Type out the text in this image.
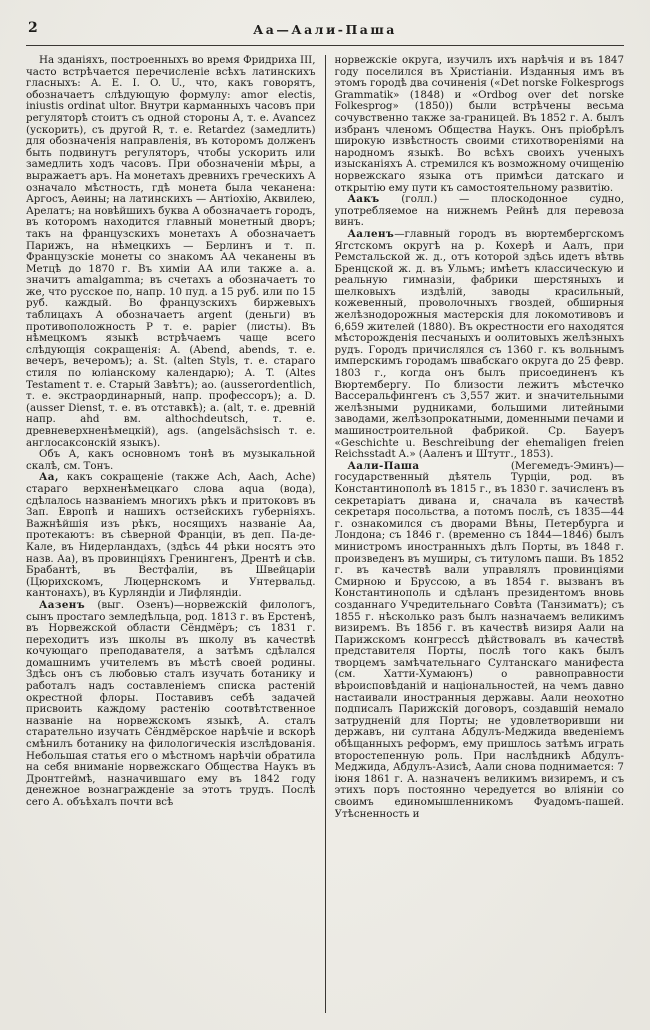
2	Аа—Аали-Паша

На зданіяхъ, построенныхъ во время Фридриха III, часто встрѣчается перечисленіе всѣхъ латинскихъ гласныхъ: A. E. I. O. U., что, какъ говорятъ, обозначаетъ слѣдующую формулу: amor electis, iniustis ordinat ultor. Внутри карманныхъ часовъ при регуляторѣ стоитъ съ одной стороны А, т. е. Avancez (ускорить), съ другой R, т. е. Retardez (замедлить) для обозначенія направленія, въ которомъ долженъ быть подвинутъ регуляторъ, чтобы ускорить или замедлить ходъ часовъ. При обозначеніи мѣры, а выражаетъ аръ. На монетахъ древнихъ греческихъ А означало мѣстность, гдѣ монета была чеканена: Аргосъ, Аѳины; на латинскихъ — Антіохію, Аквилею, Арелатъ; на новѣйшихъ буква А обозначаетъ городъ, въ которомъ находится главный монетный дворъ; такъ на французскихъ монетахъ А обозначаетъ Парижъ, на нѣмецкихъ — Берлинъ и т. п. Французскіе монеты со знакомъ АА чеканены въ Метцѣ до 1870 г. Въ химіи АА или также а. а. значитъ amalgamma; въ счетахъ а обозначаетъ то же, что русское по, напр. 10 пуд. а 15 руб. или по 15 руб. каждый. Во французскихъ биржевыхъ таблицахъ А обозначаетъ argent (деньги) въ противоположность P т. е. papier (листы). Въ нѣмецкомъ языкѣ встрѣчаемъ чаще всего слѣдующія сокращенія: A. (Abend, abends, т. е. вечеръ, вечеромъ); a. St. (alten Styls, т. е. стараго стиля по юліанскому календарю); A. T. (Altes Testament т. е. Старый Завѣтъ); ao. (ausserordentlich, т. е. экстраординарный, напр. профессоръ); a. D. (ausser Dienst, т. е. въ отставкѣ); a. (alt, т. е. древній напр. ahd вм. althochdeutsch, т. е. древневерхненѣмецкій), ags. (angelsächsisch т. е. англосаксонскій языкъ).

Объ А, какъ основномъ тонѣ въ музыкальной скалѣ, см. Тонъ.

Аа, какъ сокращеніе (также Ach, Aach, Ache) стараго верхненѣмецкаго слова aqua (вода), сдѣлалось названіемъ многихъ рѣкъ и притоковъ въ Зап. Европѣ и нашихъ остзейскихъ губерніяхъ. Важнѣйшія изъ рѣкъ, носящихъ названіе Аа, протекаютъ: въ сѣверной Франціи, въ деп. Па-де-Кале, въ Нидерландахъ, (здѣсь 44 рѣки носятъ это назв. Аа), въ провинціяхъ Гренингенъ, Дрентѣ и сѣв. Брабантѣ, въ Вестфаліи, въ Швейцаріи (Цюрихскомъ, Люцернскомъ и Унтервальд. кантонахъ), въ Курляндіи и Лифляндіи.

Аазенъ (выг. Озенъ)—норвежскій филологъ, сынъ простаго земледѣльца, род. 1813 г. въ Ерстенѣ, въ Норвежской области Сёндмёръ; съ 1831 г. переходитъ изъ школы въ школу въ качествѣ кочующаго преподавателя, а затѣмъ сдѣлался домашнимъ учителемъ въ мѣстѣ своей родины. Здѣсь онъ съ любовью сталъ изучать ботанику и работалъ надъ составленіемъ списка растеній окрестной флоры. Поставивъ себѣ задачей присвоить каждому растенію соотвѣтственное названіе на норвежскомъ языкѣ, А. сталъ старательно изучать Сёндмёрское нарѣчіе и вскорѣ смѣнилъ ботанику на филологическія изслѣдованія. Небольшая статья его о мѣстномъ нарѣчіи обратила на себя вниманіе норвежскаго Общества Наукъ въ Дронтгеймѣ, назначившаго ему въ 1842 году денежное вознагражденіе за этотъ трудъ. Послѣ сего А. объѣхалъ почти всѣ

норвежскіе округа, изучилъ ихъ нарѣчія и въ 1847 году поселился въ Христіаніи. Изданныя имъ въ этомъ городѣ два сочиненія («Det norske Folkesprogs Grammatik» (1848) и «Ordbog over det norske Folkesprog» (1850)) были встрѣчены весьма сочувственно также за-границей. Въ 1852 г. А. былъ избранъ членомъ Общества Наукъ. Онъ пріобрѣлъ широкую извѣстность своими стихотвореніями на народномъ языкѣ. Во всѣхъ своихъ ученыхъ изысканіяхъ А. стремился къ возможному очищенію норвежскаго языка отъ примѣси датскаго и открытію ему пути къ самостоятельному развитію.

Аакъ (голл.) — плоскодонное судно, употребляемое на нижнемъ Рейнѣ для перевоза винъ.

Ааленъ—главный городъ въ вюртембергскомъ Ягстскомъ округѣ на р. Кохерѣ и Аалъ, при Ремстальской ж. д., отъ которой здѣсь идетъ вѣтвь Бренцской ж. д. въ Ульмъ; имѣетъ классическую и реальную гимназіи, фабрики шерстяныхъ и шелковыхъ издѣлій, заводы красильный, кожевенный, проволочныхъ гвоздей, обширныя желѣзнодорожныя мастерскія для локомотивовъ и 6,659 жителей (1880). Въ окрестности его находятся мѣсторожденія песчаныхъ и оолитовыхъ желѣзныхъ рудъ. Городъ причислялся съ 1360 г. къ вольнымъ имперскимъ городамъ швабскаго округа до 25 февр. 1803 г., когда онъ былъ присоединенъ къ Вюртембергу. По близости лежитъ мѣстечко Вассеральфингенъ съ 3,557 жит. и значительными желѣзными рудниками, большими литейными заводами, желѣзопрокатными, доменными печами и машиностроительной фабрикой. Ср. Бауеръ «Geschichte u. Beschreibung der ehemaligen freien Reichsstadt A.» (Ааленъ и Штутг., 1853).

Аали-Паша (Мегемедъ-Эминъ)—государственный дѣятель Турціи, род. въ Константинополѣ въ 1815 г., въ 1830 г. зачисленъ въ секретаріатъ дивана и, сначала въ качествѣ секретаря посольства, а потомъ послѣ, съ 1835—44 г. ознакомился съ дворами Вѣны, Петербурга и Лондона; съ 1846 г. (временно съ 1844—1846) былъ министромъ иностранныхъ дѣлъ Порты, въ 1848 г. произведенъ въ муширы, съ титуломъ паши. Въ 1852 г. въ качествѣ вали управлялъ провинціями Смирною и Бруссою, а въ 1854 г. вызванъ въ Константинополь и сдѣланъ президентомъ вновь созданнаго Учредительнаго Совѣта (Танзиматъ); съ 1855 г. нѣсколько разъ былъ назначаемъ великимъ визиремъ. Въ 1856 г. въ качествѣ визиря Аали на Парижскомъ конгрессѣ дѣйствовалъ въ качествѣ представителя Порты, послѣ того какъ былъ творцемъ замѣчательнаго Султанскаго манифеста (см. Хатти-Хумаюнъ) о равноправности вѣроисповѣданій и національностей, на чемъ давно настаивали иностранныя державы. Аали неохотно подписалъ Парижскій договоръ, создавшій немало затрудненій для Порты; не удовлетворивши ни державъ, ни султана Абдулъ-Меджида введеніемъ обѣщанныхъ реформъ, ему пришлось затѣмъ играть второстепенную роль. При наслѣдникѣ Абдулъ-Меджида, Абдулъ-Азисѣ, Аали снова поднимается: 7 іюня 1861 г. А. назначенъ великимъ визиремъ, и съ этихъ поръ постоянно чередуется во вліяніи со своимъ единомышленникомъ Фуадомъ-пашей. Утѣсненность и
